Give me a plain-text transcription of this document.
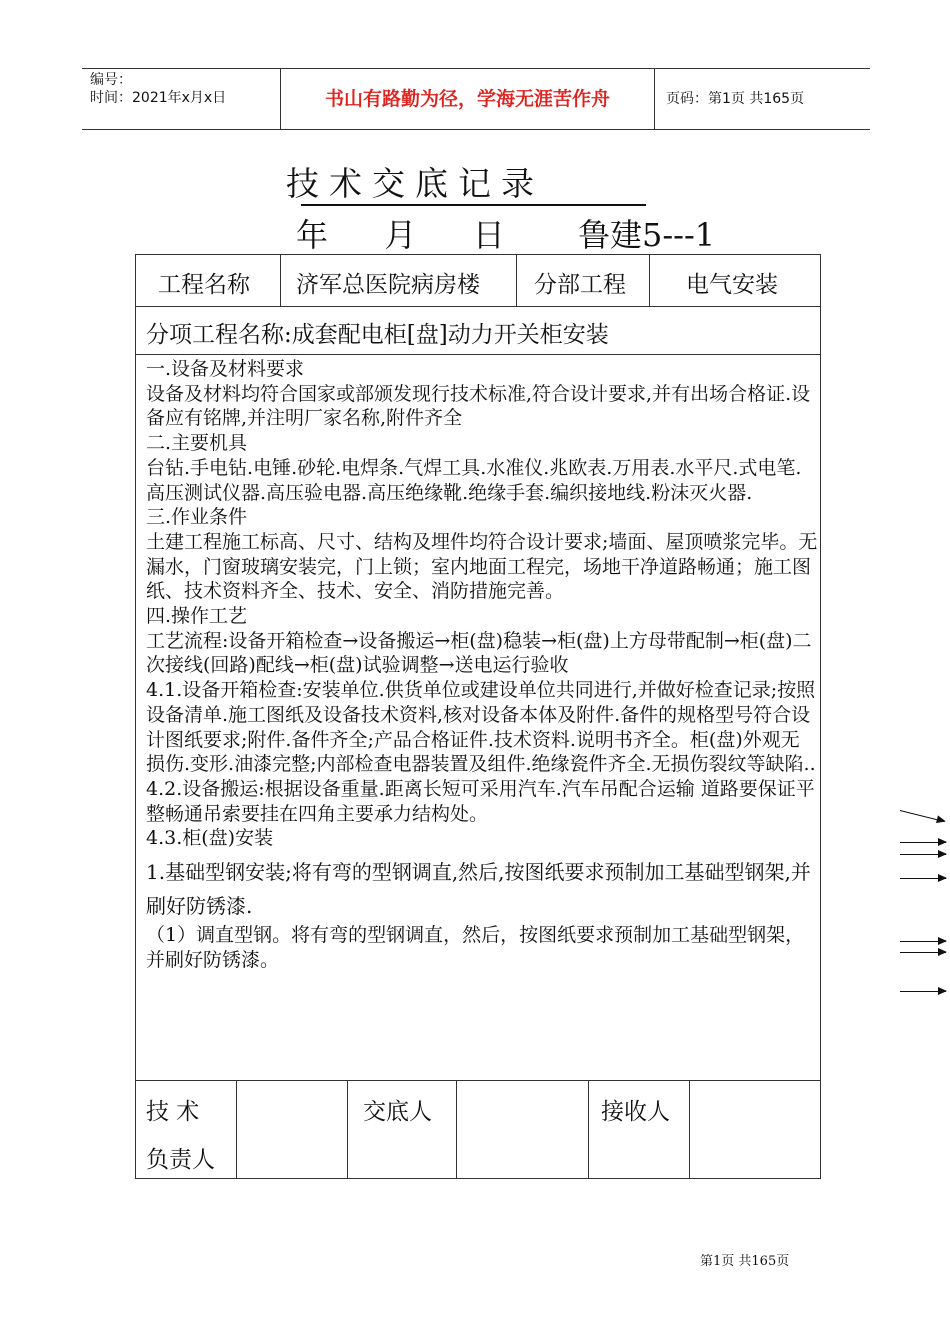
编号：
时间：2021年x月x日	书山有路勤为径，学海无涯苦作舟	页码：第1页 共165页
技术交底记录
年  月  日 鲁建5---1
工程名称 济军总医院病房楼 分部工程	电气安装
分项工程名称:成套配电柜[盘]动力开关柜安装

一.设备及材料要求

设备及材料均符合国家或部颁发现行技术标准,符合设计要求,并有出场合格证.设备应有铭牌,并注明厂家名称,附件齐全

二.主要机具

台钻.手电钻.电锤.砂轮.电焊条.气焊工具.水准仪.兆欧表.万用表.水平尺.式电笔.高压测试仪器.高压验电器.高压绝缘靴.绝缘手套.编织接地线.粉沫灭火器.

三.作业条件

土建工程施工标高、尺寸、结构及埋件均符合设计要求;墙面、屋顶喷浆完毕。无漏水，门窗玻璃安装完，门上锁；室内地面工程完，场地干净道路畅通；施工图纸、技术资料齐全、技术、安全、消防措施完善。

四.操作工艺

工艺流程:设备开箱检查→设备搬运→柜(盘)稳装→柜(盘)上方母带配制→柜(盘)二次接线(回路)配线→柜(盘)试验调整→送电运行验收

4.1.设备开箱检查:安装单位.供货单位或建设单位共同进行,并做好检查记录;按照设备清单.施工图纸及设备技术资料,核对设备本体及附件.备件的规格型号符合设计图纸要求;附件.备件齐全;产品合格证件.技术资料.说明书齐全。柜(盘)外观无损伤.变形.油漆完整;内部检查电器装置及组件.绝缘瓷件齐全.无损伤裂纹等缺陷..

4.2.设备搬运:根据设备重量.距离长短可采用汽车.汽车吊配合运输 道路要保证平整畅通吊索要挂在四角主要承力结构处。

4.3.柜(盘)安装

1.基础型钢安装;将有弯的型钢调直,然后,按图纸要求预制加工基础型钢架,并刷好防锈漆.

（1）调直型钢。将有弯的型钢调直，然后，按图纸要求预制加工基础型钢架，并刷好防锈漆。

技 术
负责人
交底人	接收人
第1页 共165页
